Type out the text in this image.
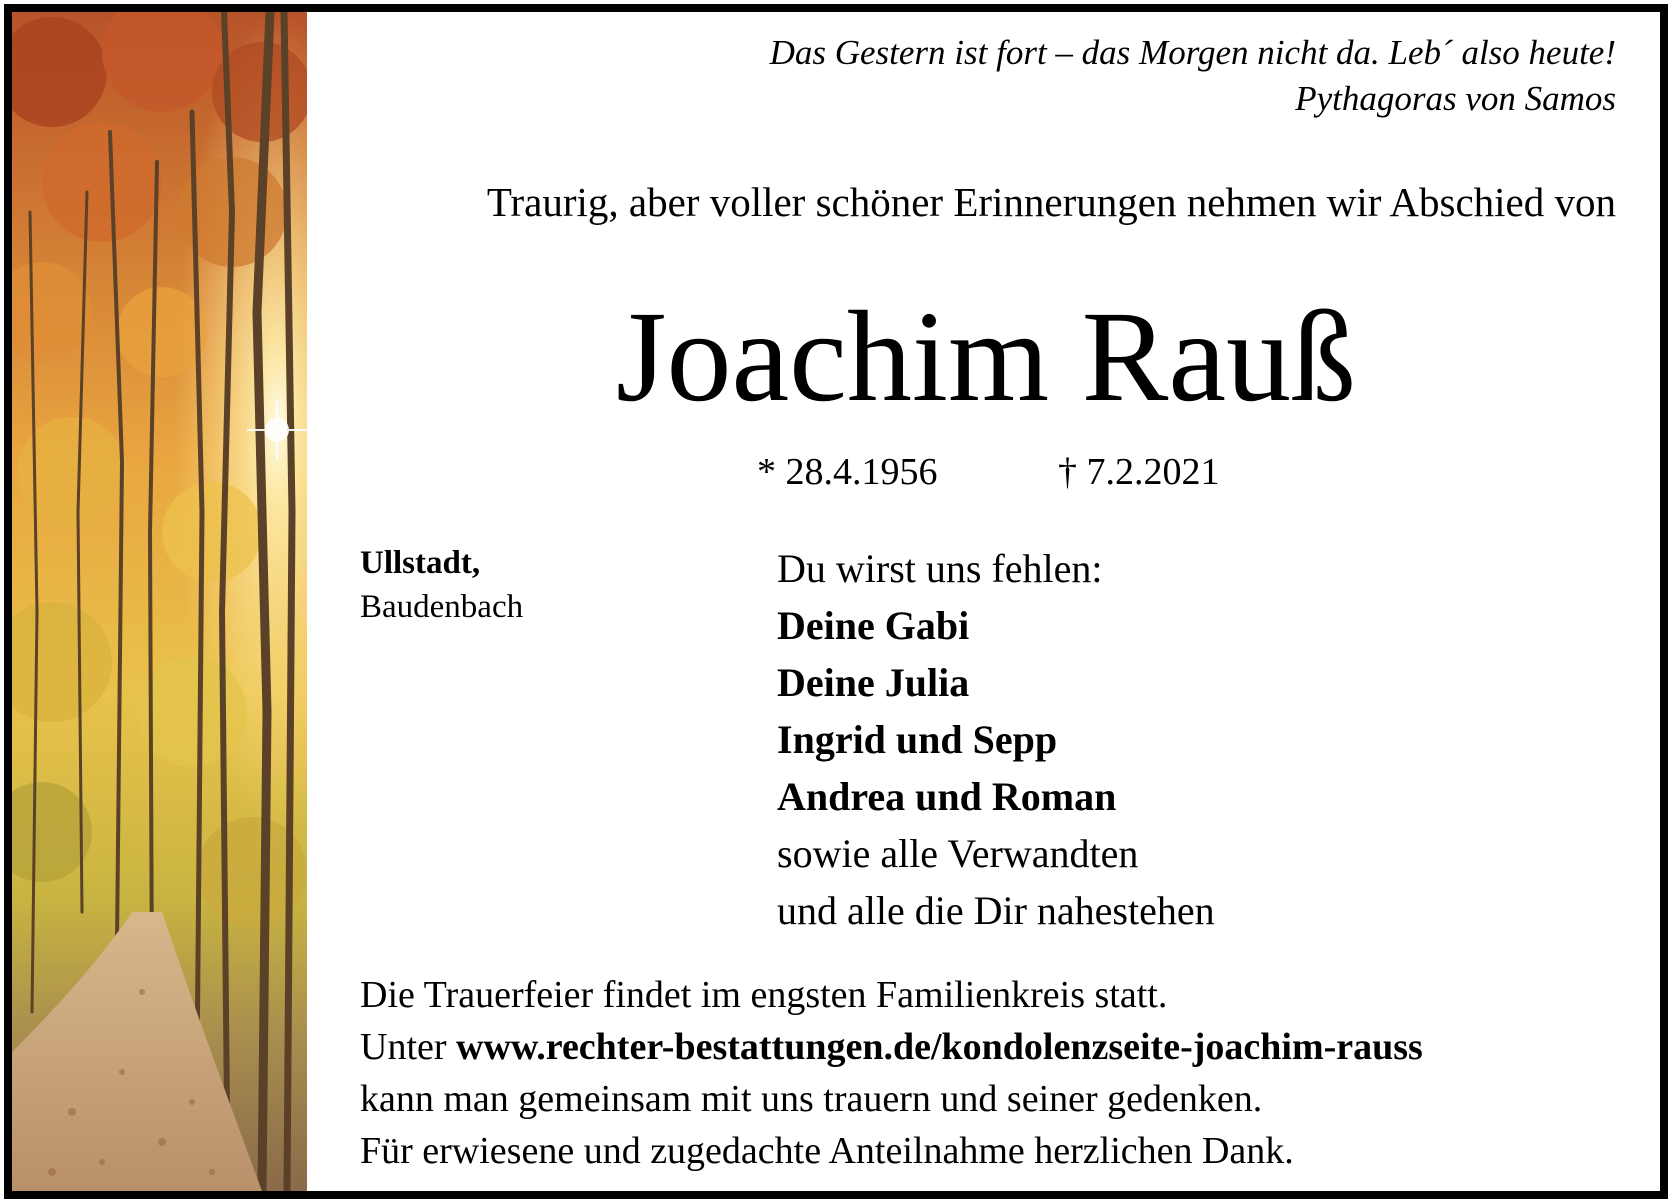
Das Gestern ist fort – das Morgen nicht da. Leb´ also heute!
Pythagoras von Samos
Traurig, aber voller schöner Erinnerungen nehmen wir Abschied von
Joachim Rauß
* 28.4.1956	† 7.2.2021
Ullstadt,
Baudenbach
Du wirst uns fehlen:
Deine Gabi
Deine Julia
Ingrid und Sepp
Andrea und Roman
sowie alle Verwandten
und alle die Dir nahestehen
Die Trauerfeier findet im engsten Familienkreis statt.
Unter www.rechter-bestattungen.de/kondolenzseite-joachim-rauss
kann man gemeinsam mit uns trauern und seiner gedenken.
Für erwiesene und zugedachte Anteilnahme herzlichen Dank.
